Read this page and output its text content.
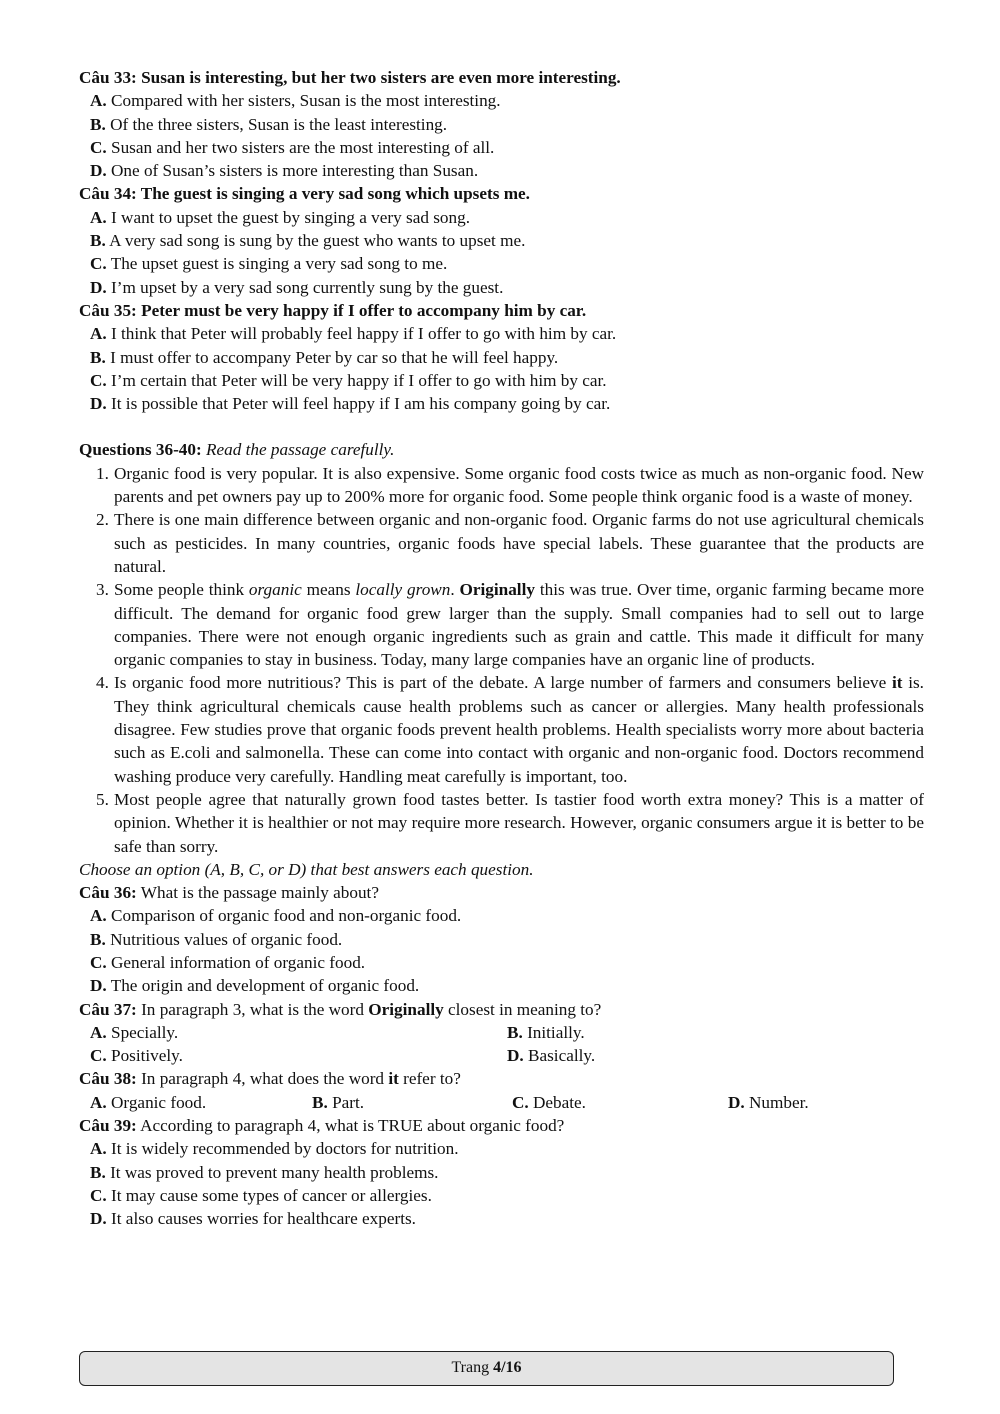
Câu 33: Susan is interesting, but her two sisters are even more interesting.
A. Compared with her sisters, Susan is the most interesting.
B. Of the three sisters, Susan is the least interesting.
C. Susan and her two sisters are the most interesting of all.
D. One of Susan’s sisters is more interesting than Susan.
Câu 34: The guest is singing a very sad song which upsets me.
A. I want to upset the guest by singing a very sad song.
B. A very sad song is sung by the guest who wants to upset me.
C. The upset guest is singing a very sad song to me.
D. I’m upset by a very sad song currently sung by the guest.
Câu 35: Peter must be very happy if I offer to accompany him by car.
A. I think that Peter will probably feel happy if I offer to go with him by car.
B. I must offer to accompany Peter by car so that he will feel happy.
C. I’m certain that Peter will be very happy if I offer to go with him by car.
D. It is possible that Peter will feel happy if I am his company going by car.
Questions 36-40: Read the passage carefully.
1. Organic food is very popular. It is also expensive. Some organic food costs twice as much as non-organic food. New parents and pet owners pay up to 200% more for organic food. Some people think organic food is a waste of money.
2. There is one main difference between organic and non-organic food. Organic farms do not use agricultural chemicals such as pesticides. In many countries, organic foods have special labels. These guarantee that the products are natural.
3. Some people think organic means locally grown. Originally this was true. Over time, organic farming became more difficult. The demand for organic food grew larger than the supply. Small companies had to sell out to large companies. There were not enough organic ingredients such as grain and cattle. This made it difficult for many organic companies to stay in business. Today, many large companies have an organic line of products.
4. Is organic food more nutritious? This is part of the debate. A large number of farmers and consumers believe it is. They think agricultural chemicals cause health problems such as cancer or allergies. Many health professionals disagree. Few studies prove that organic foods prevent health problems. Health specialists worry more about bacteria such as E.coli and salmonella. These can come into contact with organic and non-organic food. Doctors recommend washing produce very carefully. Handling meat carefully is important, too.
5. Most people agree that naturally grown food tastes better. Is tastier food worth extra money? This is a matter of opinion. Whether it is healthier or not may require more research. However, organic consumers argue it is better to be safe than sorry.
Choose an option (A, B, C, or D) that best answers each question.
Câu 36: What is the passage mainly about?
A. Comparison of organic food and non-organic food.
B. Nutritious values of organic food.
C. General information of organic food.
D. The origin and development of organic food.
Câu 37: In paragraph 3, what is the word Originally closest in meaning to?
A. Specially.	B. Initially.
C. Positively.	D. Basically.
Câu 38: In paragraph 4, what does the word it refer to?
A. Organic food.	B. Part.	C. Debate.	D. Number.
Câu 39: According to paragraph 4, what is TRUE about organic food?
A. It is widely recommended by doctors for nutrition.
B. It was proved to prevent many health problems.
C. It may cause some types of cancer or allergies.
D. It also causes worries for healthcare experts.
Trang 4/16
